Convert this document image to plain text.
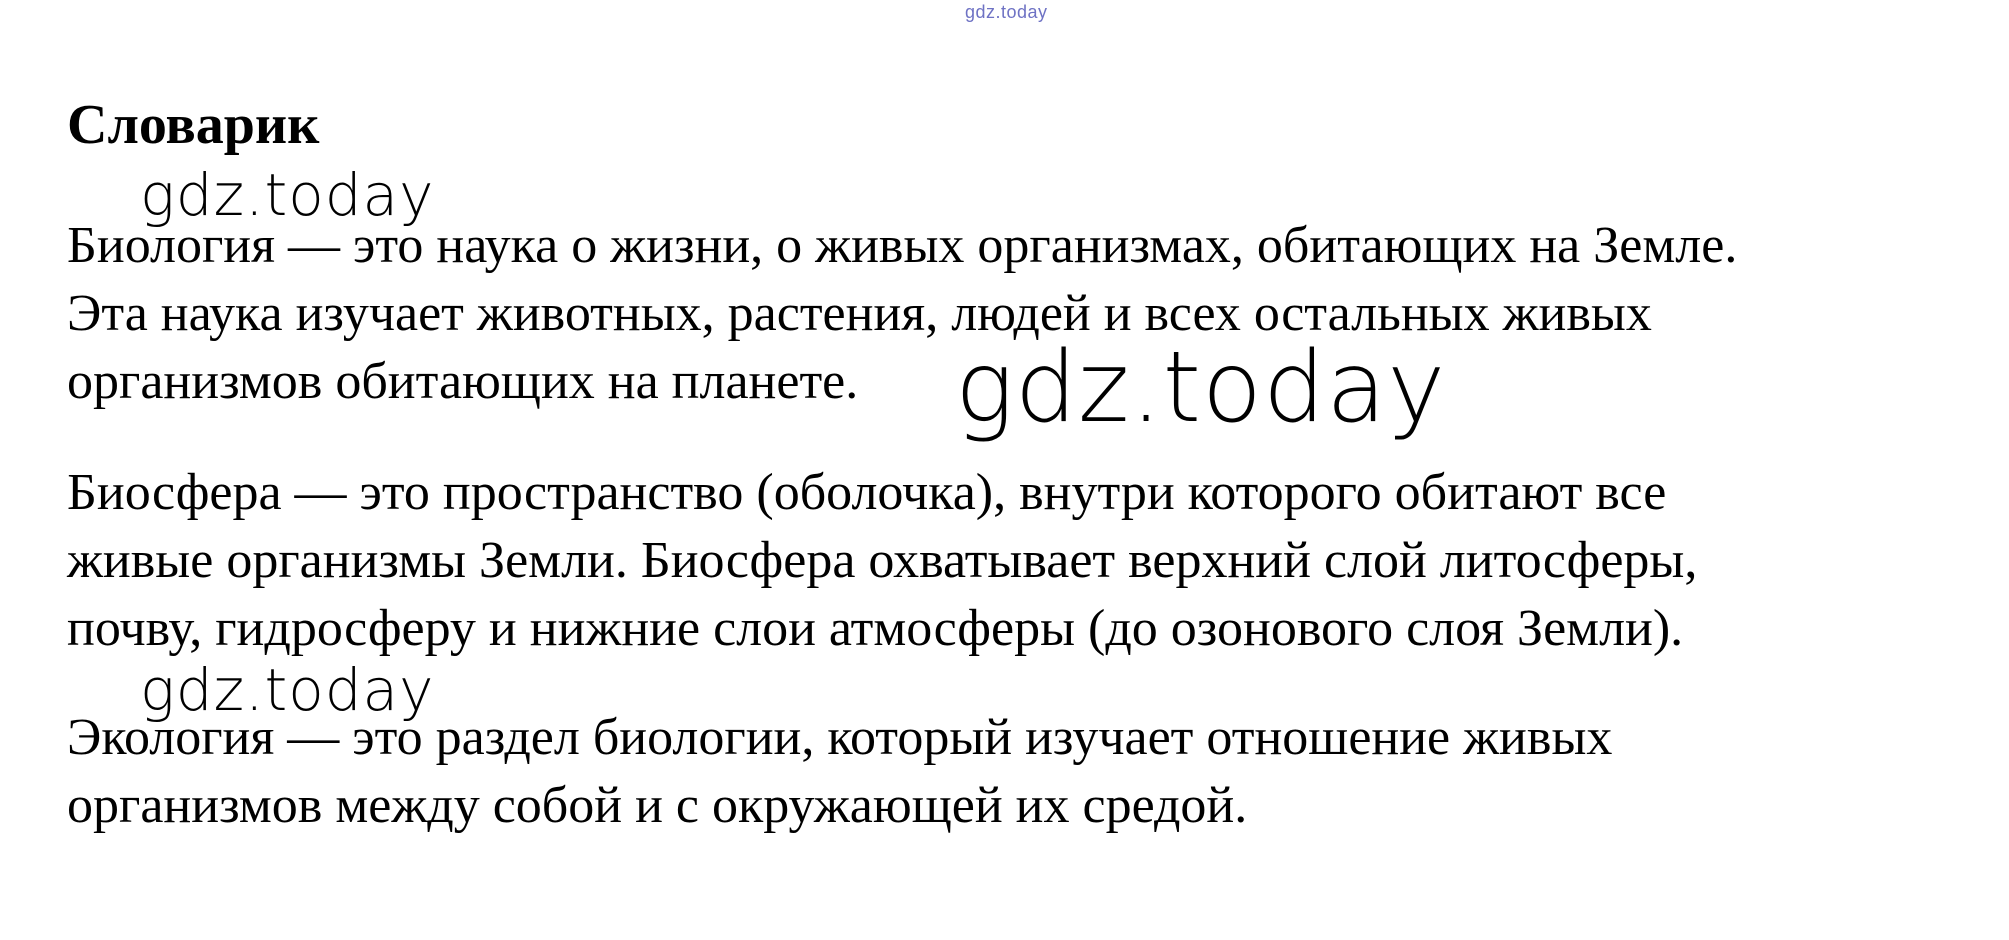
gdz.today
Словарик
Биология — это наука о жизни, о живых организмах, обитающих на Земле.
Эта наука изучает животных, растения, людей и всех остальных живых
организмов обитающих на планете.
Биосфера — это пространство (оболочка), внутри которого обитают все
живые организмы Земли. Биосфера охватывает верхний слой литосферы,
почву, гидросферу и нижние слои атмосферы (до озонового слоя Земли).
Экология — это раздел биологии, который изучает отношение живых
организмов между собой и с окружающей их средой.
gdz.today
gdz.today
gdz.today
